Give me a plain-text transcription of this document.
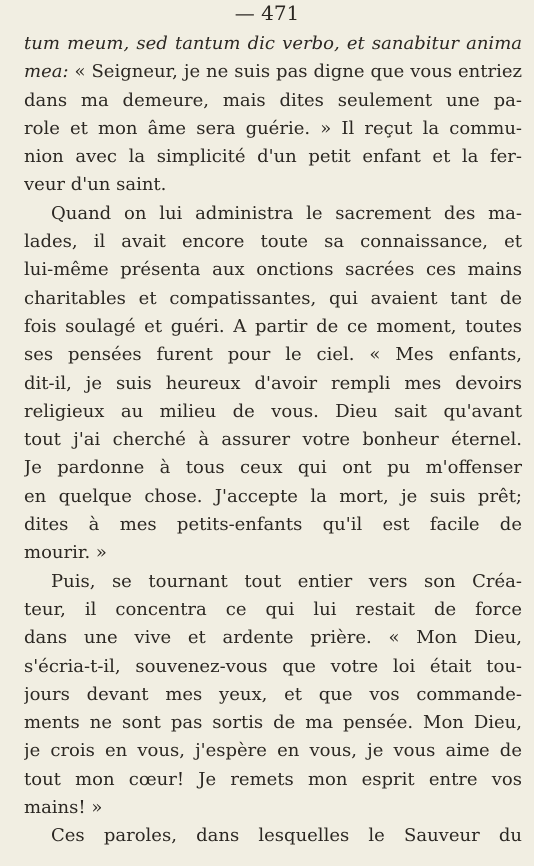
— 471
tum meum, sed tantum dic verbo, et sanabitur anima
mea: « Seigneur, je ne suis pas digne que vous entriez
dans ma demeure, mais dites seulement une pa-
role et mon âme sera guérie. » Il reçut la commu-
nion avec la simplicité d'un petit enfant et la fer-
veur d'un saint.
Quand on lui administra le sacrement des ma-
lades, il avait encore toute sa connaissance, et
lui-même présenta aux onctions sacrées ces mains
charitables et compatissantes, qui avaient tant de
fois soulagé et guéri. A partir de ce moment, toutes
ses pensées furent pour le ciel. « Mes enfants,
dit-il, je suis heureux d'avoir rempli mes devoirs
religieux au milieu de vous. Dieu sait qu'avant
tout j'ai cherché à assurer votre bonheur éternel.
Je pardonne à tous ceux qui ont pu m'offenser
en quelque chose. J'accepte la mort, je suis prêt;
dites à mes petits-enfants qu'il est facile de
mourir. »
Puis, se tournant tout entier vers son Créa-
teur, il concentra ce qui lui restait de force
dans une vive et ardente prière. « Mon Dieu,
s'écria-t-il, souvenez-vous que votre loi était tou-
jours devant mes yeux, et que vos commande-
ments ne sont pas sortis de ma pensée. Mon Dieu,
je crois en vous, j'espère en vous, je vous aime de
tout mon cœur! Je remets mon esprit entre vos
mains! »
Ces paroles, dans lesquelles le Sauveur du
